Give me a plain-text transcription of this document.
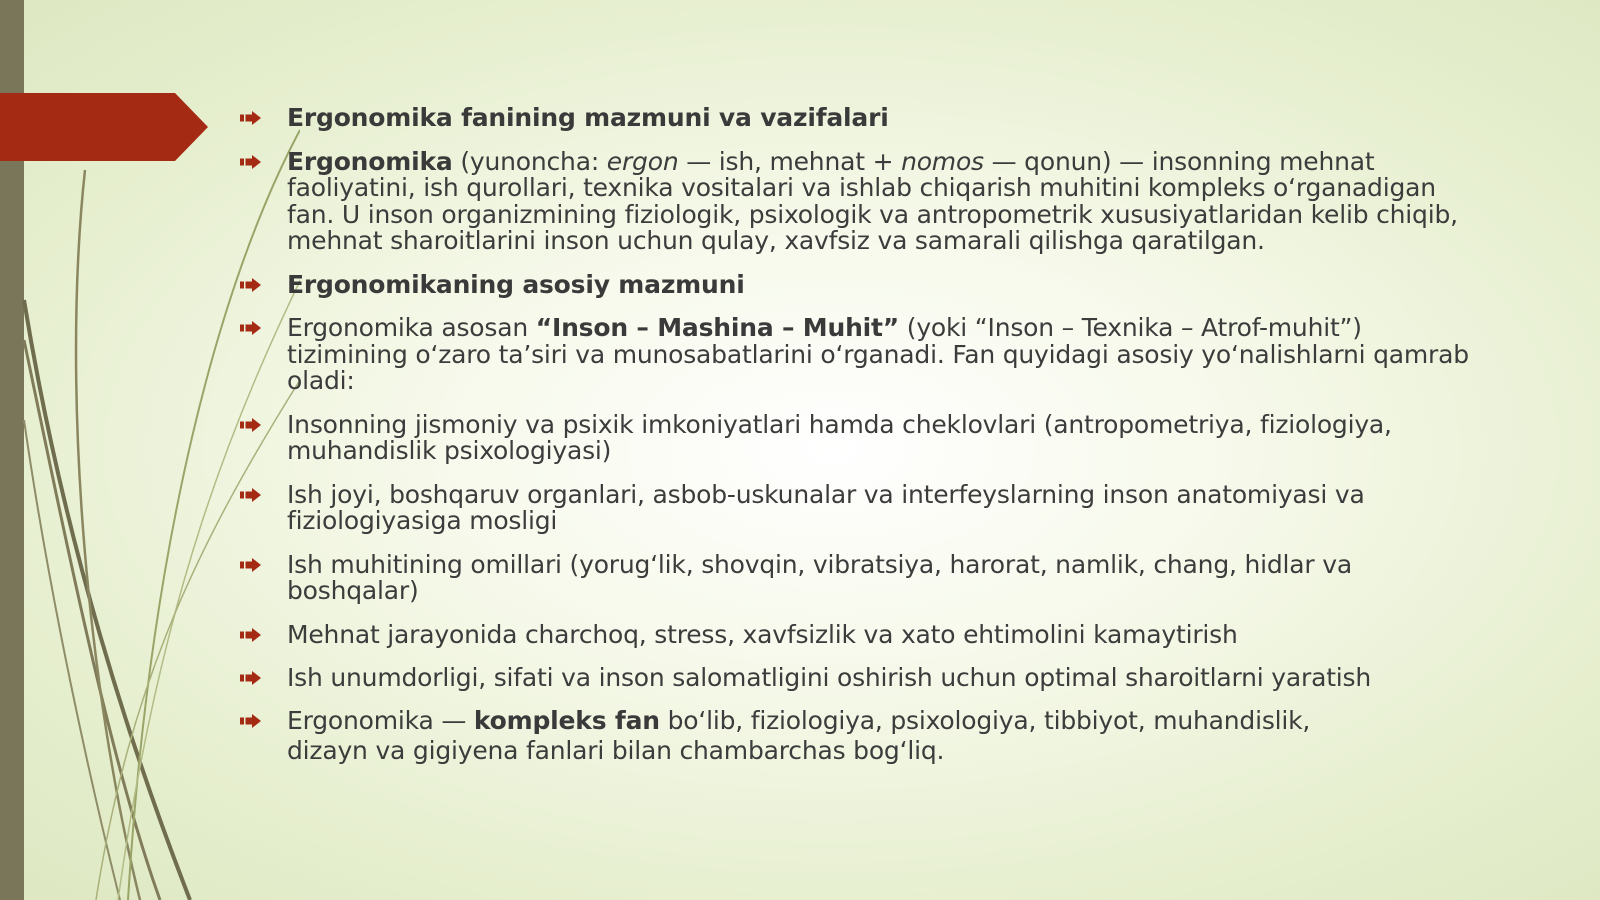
Ergonomika fanining mazmuni va vazifalari
Ergonomika (yunoncha: ergon — ish, mehnat + nomos — qonun) — insonning mehnat faoliyatini, ish qurollari, texnika vositalari va ishlab chiqarish muhitini kompleks o‘rganadigan fan. U inson organizmining fiziologik, psixologik va antropometrik xususiyatlaridan kelib chiqib, mehnat sharoitlarini inson uchun qulay, xavfsiz va samarali qilishga qaratilgan.
Ergonomikaning asosiy mazmuni
Ergonomika asosan “Inson – Mashina – Muhit” (yoki “Inson – Texnika – Atrof-muhit”) tizimining o‘zaro ta’siri va munosabatlarini o‘rganadi. Fan quyidagi asosiy yo‘nalishlarni qamrab oladi:
Insonning jismoniy va psixik imkoniyatlari hamda cheklovlari (antropometriya, fiziologiya, muhandislik psixologiyasi)
Ish joyi, boshqaruv organlari, asbob-uskunalar va interfeyslarning inson anatomiyasi va fiziologiyasiga mosligi
Ish muhitining omillari (yorug‘lik, shovqin, vibratsiya, harorat, namlik, chang, hidlar va boshqalar)
Mehnat jarayonida charchoq, stress, xavfsizlik va xato ehtimolini kamaytirish
Ish unumdorligi, sifati va inson salomatligini oshirish uchun optimal sharoitlarni yaratish
Ergonomika — kompleks fan bo‘lib, fiziologiya, psixologiya, tibbiyot, muhandislik,
dizayn va gigiyena fanlari bilan chambarchas bog‘liq.
